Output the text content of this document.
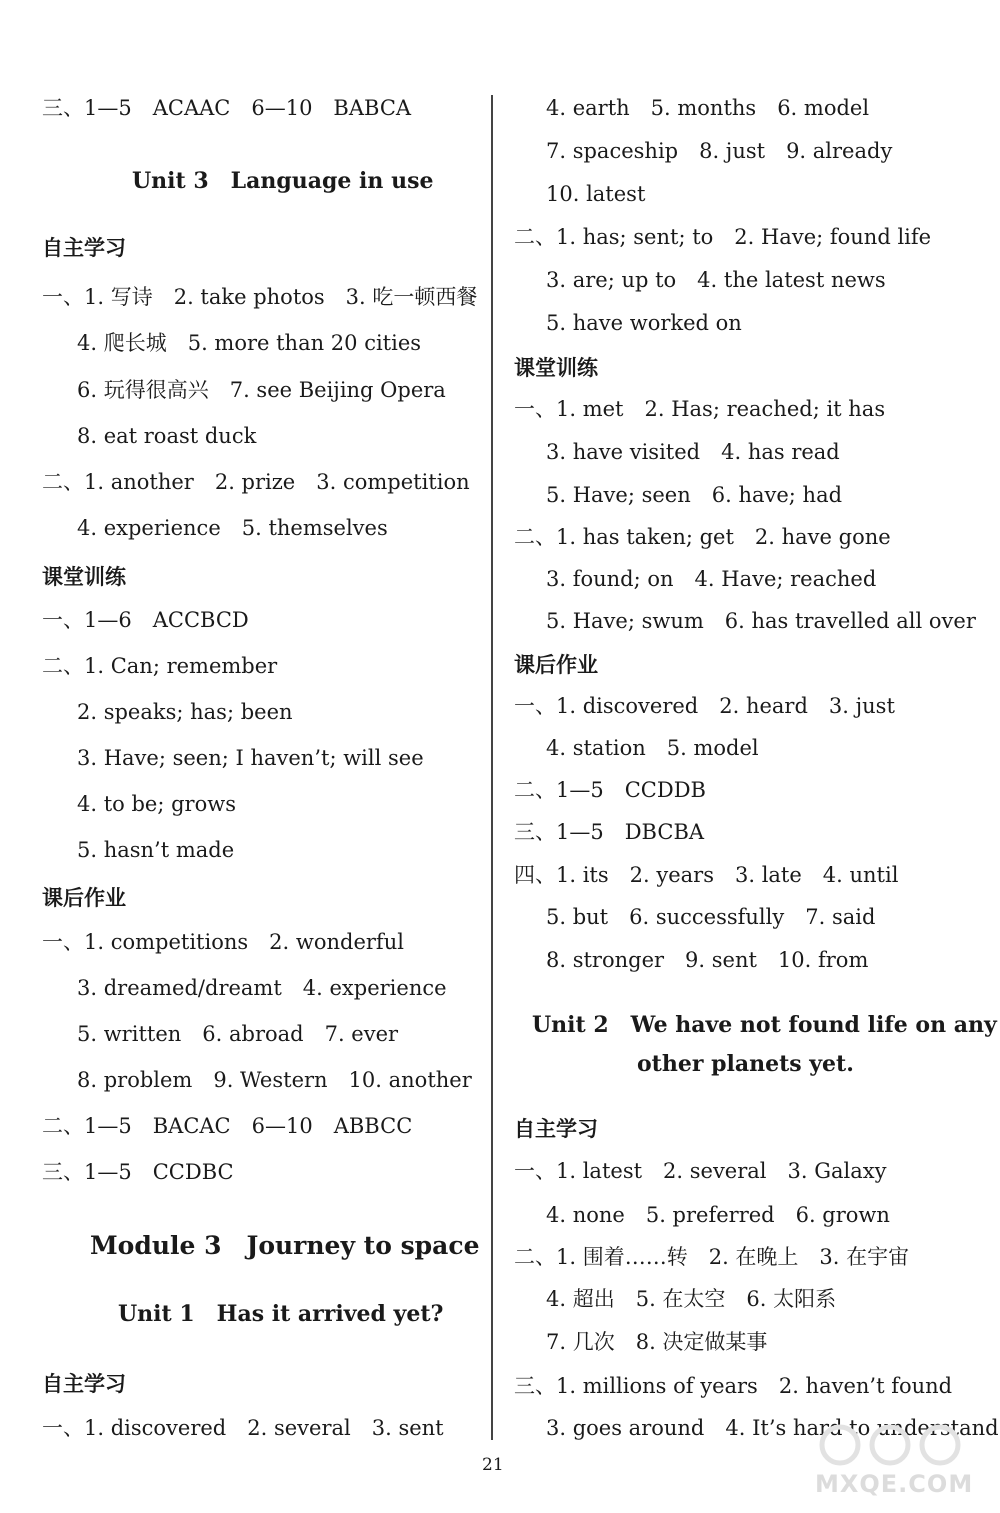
三、1—5　ACAAC　6—10　BABCA
Unit 3　Language in use
自主学习
一、1. 写诗　2. take photos　3. 吃一顿西餐
4. 爬长城　5. more than 20 cities
6. 玩得很高兴　7. see Beijing Opera
8. eat roast duck
二、1. another　2. prize　3. competition
4. experience　5. themselves
课堂训练
一、1—6　ACCBCD
二、1. Can; remember
2. speaks; has; been
3. Have; seen; I haven’t; will see
4. to be; grows
5. hasn’t made
课后作业
一、1. competitions　2. wonderful
3. dreamed/dreamt　4. experience
5. written　6. abroad　7. ever
8. problem　9. Western　10. another
二、1—5　BACAC　6—10　ABBCC
三、1—5　CCDBC
Module 3　Journey to space
Unit 1　Has it arrived yet?
自主学习
一、1. discovered　2. several　3. sent
4. earth　5. months　6. model
7. spaceship　8. just　9. already
10. latest
二、1. has; sent; to　2. Have; found life
3. are; up to　4. the latest news
5. have worked on
课堂训练
一、1. met　2. Has; reached; it has
3. have visited　4. has read
5. Have; seen　6. have; had
二、1. has taken; get　2. have gone
3. found; on　4. Have; reached
5. Have; swum　6. has travelled all over
课后作业
一、1. discovered　2. heard　3. just
4. station　5. model
二、1—5　CCDDB
三、1—5　DBCBA
四、1. its　2. years　3. late　4. until
5. but　6. successfully　7. said
8. stronger　9. sent　10. from
Unit 2　We have not found life on any
other planets yet.
自主学习
一、1. latest　2. several　3. Galaxy
4. none　5. preferred　6. grown
二、1. 围着……转　2. 在晚上　3. 在宇宙
4. 超出　5. 在太空　6. 太阳系
7. 几次　8. 决定做某事
三、1. millions of years　2. haven’t found
3. goes around　4. It’s hard to understand
21
MXQE.COM
